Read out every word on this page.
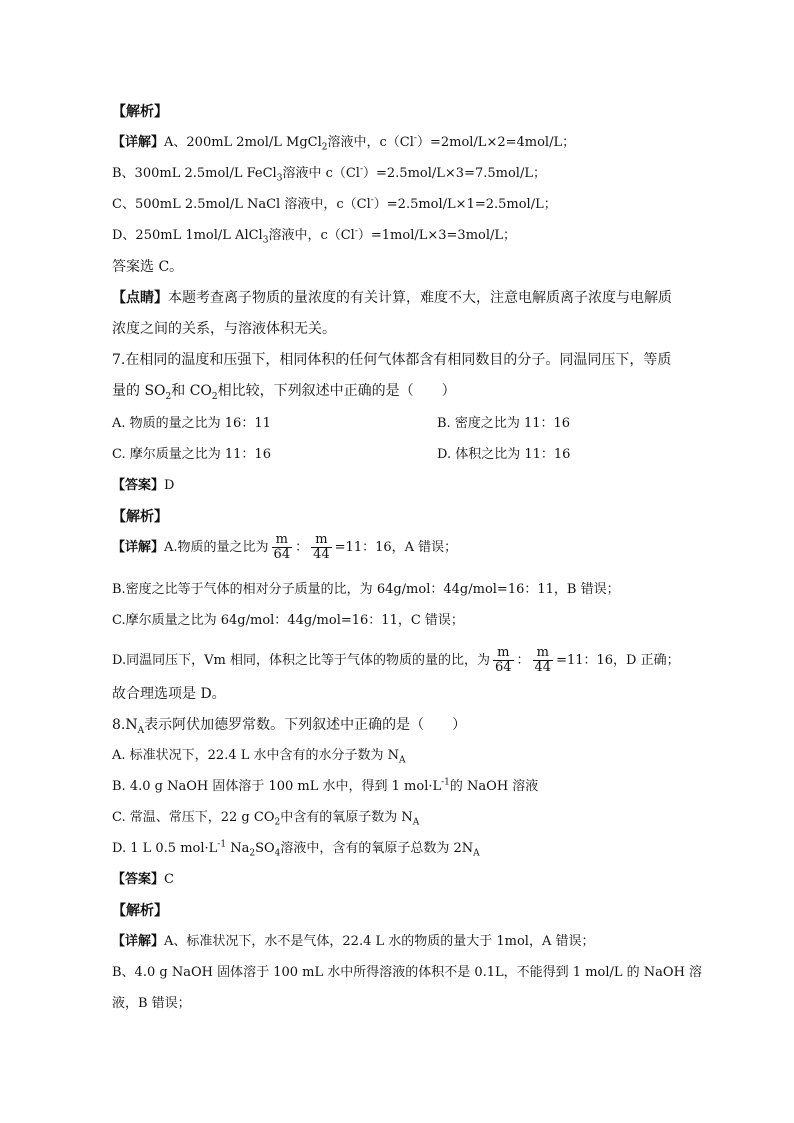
【解析】
【详解】A、200mL 2mol/L MgCl$_2$溶液中，c（Cl-）=2mol/L×2=4mol/L；
B、300mL 2.5mol/L FeCl$_3$溶液中 c（Cl-）=2.5mol/L×3=7.5mol/L；
C、500mL 2.5mol/L NaCl 溶液中，c（Cl-）=2.5mol/L×1=2.5mol/L；
D、250mL 1mol/L AlCl$_3$溶液中，c（Cl-）=1mol/L×3=3mol/L；
答案选 C。
【点睛】本题考查离子物质的量浓度的有关计算，难度不大，注意电解质离子浓度与电解质
浓度之间的关系，与溶液体积无关。
7.在相同的温度和压强下，相同体积的任何气体都含有相同数目的分子。同温同压下，等质
量的 $SO_2$和 $CO_2$相比较，下列叙述中正确的是（　　）
A. 物质的量之比为 16：11	B. 密度之比为 11：16
C. 摩尔质量之比为 11：16	D. 体积之比为 11：16
【答案】D
【解析】
【详解】A.物质的量之比为 $\frac{m}{64}$ ： $\frac{m}{44} =11$：16，A 错误；
B.密度之比等于气体的相对分子质量的比，为 64g/mol：44g/mol=16：11，B 错误；
C.摩尔质量之比为 64g/mol：44g/mol=16：11，C 错误；
D.同温同压下，Vm 相同，体积之比等于气体的物质的量的比，为 $\frac{m}{64}$ ： $\frac{m}{44} =11$：16，D 正确；
故合理选项是 D。
$8.N_A$表示阿伏加德罗常数。下列叙述中正确的是（　　）
A. 标准状况下，22.4 L 水中含有的水分子数为 $N_A$
B. 4.0 g NaOH 固体溶于 100 mL 水中，得到 1 $mol\cdot L^{-1}$的 NaOH 溶液
C. 常温、常压下，22 g $CO_2$中含有的氧原子数为 $N_A$
D. 1 L 0.5 $mol\cdot L^{-1}$ $Na_2SO_4$溶液中，含有的氧原子总数为 $2N_A$
【答案】C
【解析】
【详解】A、标准状况下，水不是气体，22.4 L 水的物质的量大于 1mol，A 错误；
B、4.0 g NaOH 固体溶于 100 mL 水中所得溶液的体积不是 0.1L，不能得到 1 mol/L 的 NaOH 溶
液，B 错误；
